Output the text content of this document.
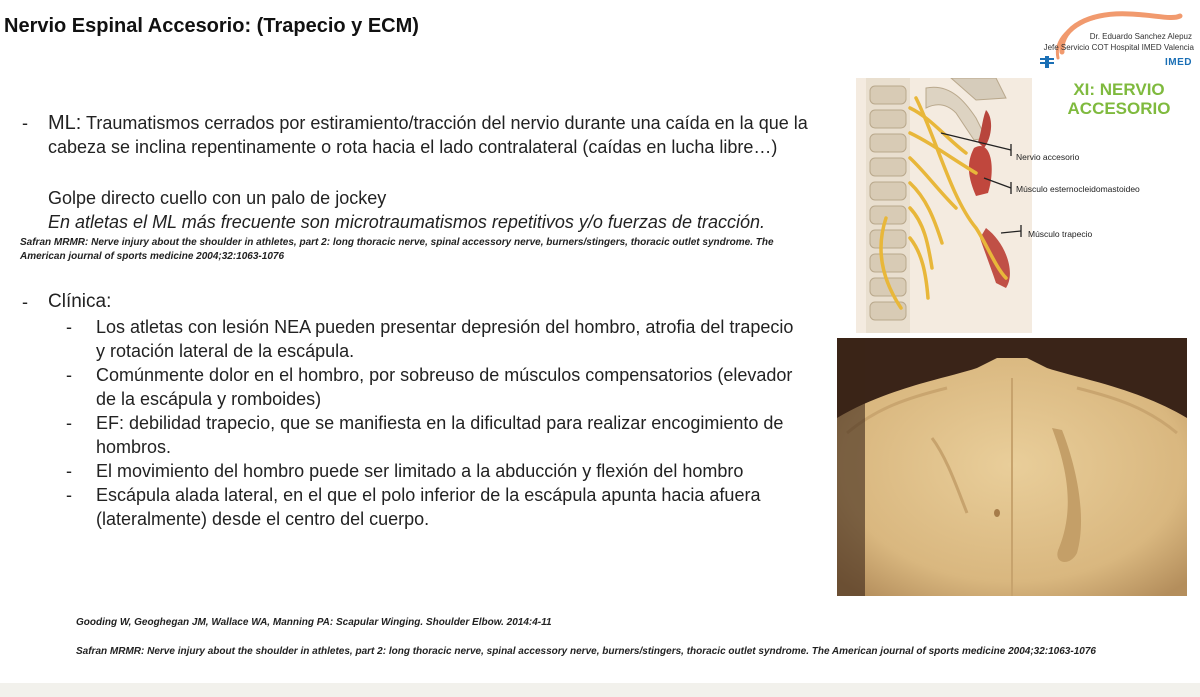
Nervio Espinal Accesorio: (Trapecio y ECM)	Dr. Eduardo Sanchez Alepuz
Jefe Servicio COT Hospital IMED Valencia
IMED
XI: NERVIO ACCESORIO
- ML: Traumatismos cerrados por estiramiento/tracción del nervio durante una caída en la que la cabeza se inclina repentinamente o rota hacia el lado contralateral (caídas en lucha libre…)
Golpe directo cuello con un palo de jockey
En atletas el ML más frecuente son microtraumatismos repetitivos y/o fuerzas de tracción.
Safran MRMR: Nerve injury about the shoulder in athletes, part 2: long thoracic nerve, spinal accessory nerve, burners/stingers, thoracic outlet syndrome. The American journal of sports medicine 2004;32:1063-1076
- Clínica:
- Los atletas con lesión NEA pueden presentar depresión del hombro, atrofia del trapecio y rotación lateral de la escápula.
- Comúnmente dolor en el hombro, por sobreuso de músculos compensatorios (elevador de la escápula y romboides)
- EF: debilidad trapecio, que se manifiesta en la dificultad para realizar encogimiento de hombros.
- El movimiento del hombro puede ser limitado a la abducción y flexión del hombro
- Escápula alada lateral, en el que el polo inferior de la escápula apunta hacia afuera (lateralmente) desde el centro del cuerpo.
Nervio accesorio
Músculo esternocleidomastoideo
Músculo trapecio
Gooding W, Geoghegan JM, Wallace WA, Manning PA: Scapular Winging. Shoulder Elbow. 2014:4-11
Safran MRMR: Nerve injury about the shoulder in athletes, part 2: long thoracic nerve, spinal accessory nerve, burners/stingers, thoracic outlet syndrome. The American journal of sports medicine 2004;32:1063-1076
